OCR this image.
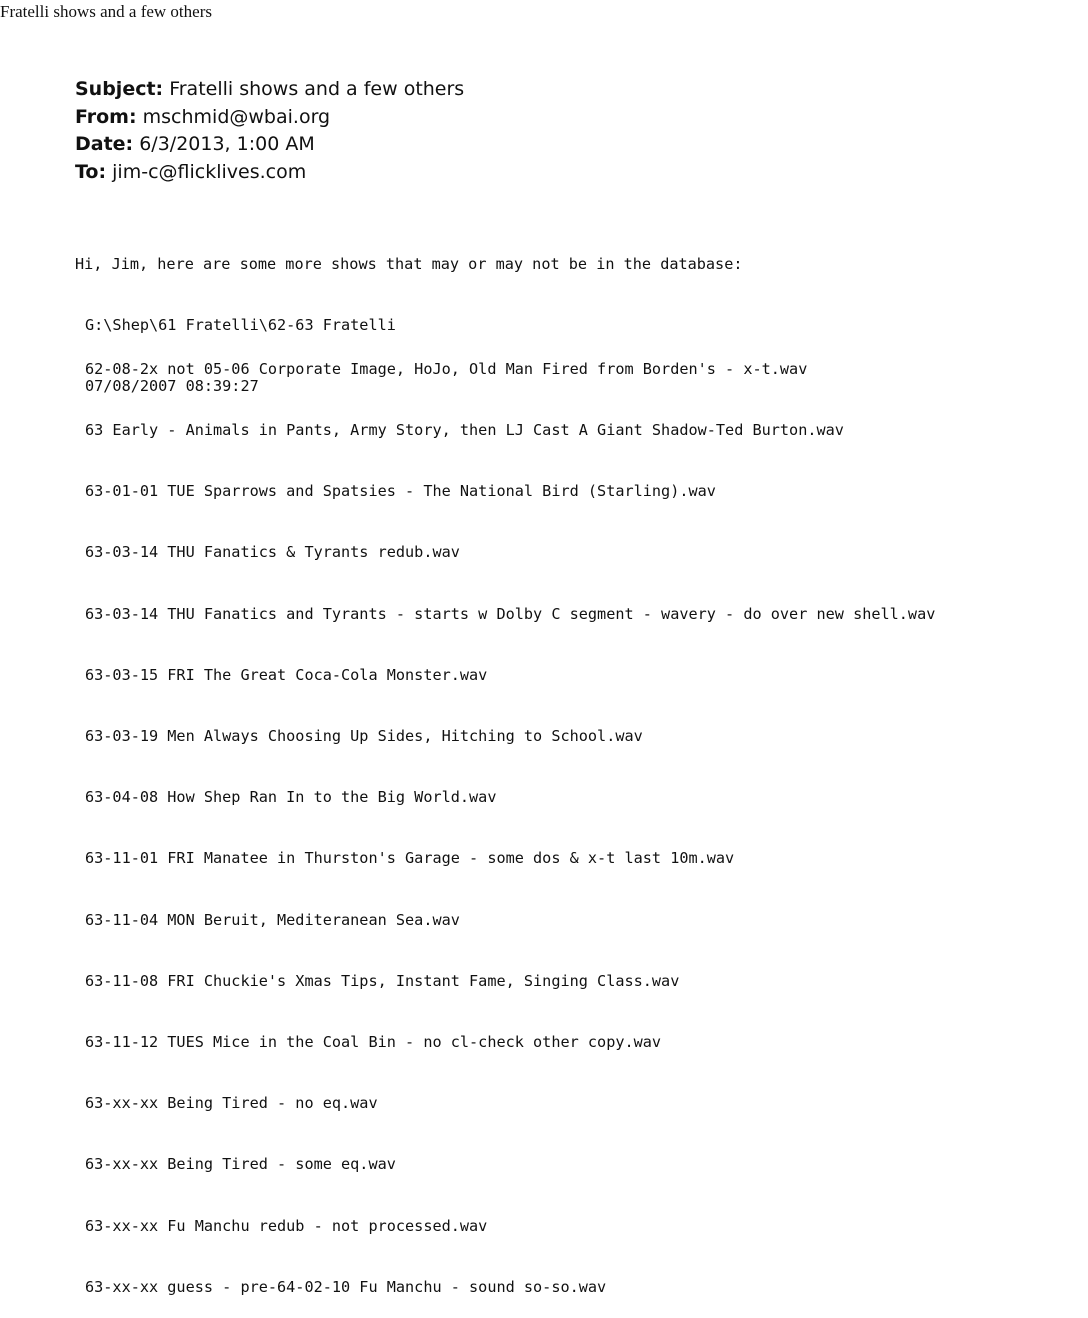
Fratelli shows and a few others
Subject: Fratelli shows and a few others
From: mschmid@wbai.org
Date: 6/3/2013, 1:00 AM
To: jim-c@flicklives.com

Hi, Jim, here are some more shows that may or may not be in the database:

G:\Shep\61 Fratelli\62-63 Fratelli

07/08/2007 08:39:27

62-08-2x not 05-06 Corporate Image, HoJo, Old Man Fired from Borden's - x-t.wav

63 Early - Animals in Pants, Army Story, then LJ Cast A Giant Shadow-Ted Burton.wav

63-01-01 TUE Sparrows and Spatsies - The National Bird (Starling).wav

63-03-14 THU Fanatics & Tyrants redub.wav

63-03-14 THU Fanatics and Tyrants - starts w Dolby C segment - wavery - do over new shell.wav

63-03-15 FRI The Great Coca-Cola Monster.wav

63-03-19 Men Always Choosing Up Sides, Hitching to School.wav

63-04-08 How Shep Ran In to the Big World.wav

63-11-01 FRI Manatee in Thurston's Garage - some dos & x-t last 10m.wav

63-11-04 MON Beruit, Mediteranean Sea.wav

63-11-08 FRI Chuckie's Xmas Tips, Instant Fame, Singing Class.wav

63-11-12 TUES Mice in the Coal Bin - no cl-check other copy.wav

63-xx-xx Being Tired - no eq.wav

63-xx-xx Being Tired - some eq.wav

63-xx-xx Fu Manchu redub - not processed.wav

63-xx-xx guess - pre-64-02-10 Fu Manchu - sound so-so.wav
